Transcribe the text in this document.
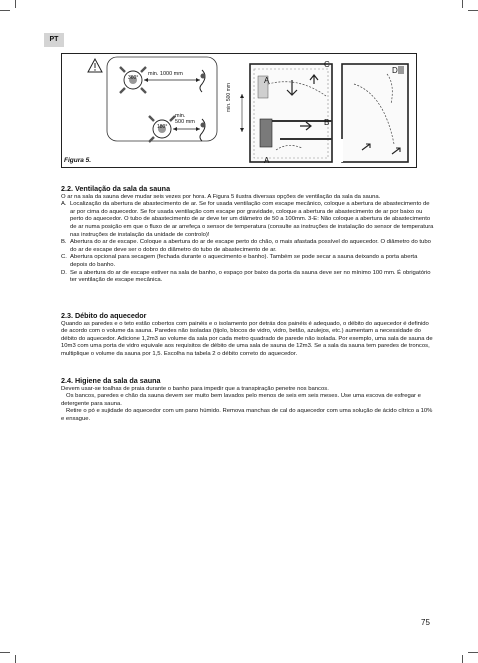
PT
360°
min. 1000 mm
180°
min.
500 mm
min. 500 mm
A
C
B
D
A
Figura 5.
2.2. Ventilação da sala da sauna

O ar na sala da sauna deve mudar seis vezes por hora. A Figura 5 ilustra diversas opções de ventilação da sala da sauna.

A. Localização da abertura de abastecimento de ar. Se for usada ventilação com escape mecânico, coloque a abertura de abastecimento de ar por cima do aquecedor. Se for usada ventilação com escape por gravidade, coloque a abertura de abastecimento de ar por baixo ou perto do aquecedor. O tubo de abastecimento de ar deve ter um diâmetro de 50 a 100mm. 3-E: Não coloque a abertura de abastecimento de ar numa posição em que o fluxo de ar arrefeça o sensor de temperatura (consulte as instruções de instalação do sensor de temperatura nas instruções de instalação da unidade de controlo)!
B. Abertura do ar de escape. Coloque a abertura do ar de escape perto do chão, o mais afastada possível do aquecedor. O diâmetro do tubo do ar de escape deve ser o dobro do diâmetro do tubo de abastecimento de ar.
C. Abertura opcional para secagem (fechada durante o aquecimento e banho). Também se pode secar a sauna deixando a porta aberta depois do banho.
D. Se a abertura do ar de escape estiver na sala de banho, o espaço por baixo da porta da sauna deve ser no mínimo 100 mm. É obrigatório ter ventilação de escape mecânica.
2.3. Débito do aquecedor

Quando as paredes e o teto estão cobertos com painéis e o isolamento por detrás dos painéis é adequado, o débito do aquecedor é definido de acordo com o volume da sauna. Paredes não isoladas (tijolo, blocos de vidro, vidro, betão, azulejos, etc.) aumentam a necessidade do débito do aquecedor. Adicione 1,2m3 ao volume da sala por cada metro quadrado de parede não isolada. Por exemplo, uma sala de sauna de 10m3 com uma porta de vidro equivale aos requisitos de débito de uma sala de sauna de 12m3. Se a sala da sauna tem paredes de troncos, multiplique o volume da sauna por 1,5. Escolha na tabela 2 o débito correto do aquecedor.

2.4. Higiene da sala da sauna

Devem usar-se toalhas de praia durante o banho para impedir que a transpiração penetre nos bancos.

Os bancos, paredes e chão da sauna devem ser muito bem lavados pelo menos de seis em seis meses. Use uma escova de esfregar e detergente para sauna.

Retire o pó e sujidade do aquecedor com um pano húmido. Remova manchas de cal do aquecedor com uma solução de ácido cítrico a 10% e enxague.

75
